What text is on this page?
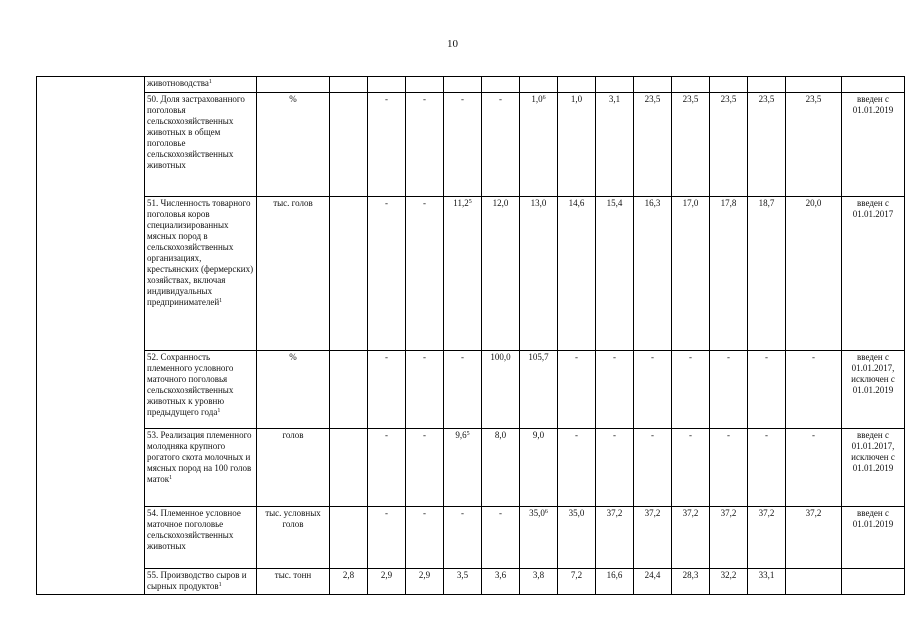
10
	животноводства$^1$															
	50. Доля застрахованного поголовья сельскохозяйственных животных в общем поголовье сельскохозяйственных животных	%		-	-	-	-	$1,0^6$	1,0	3,1	23,5	23,5	23,5	23,5	23,5	введен с 01.01.2019
	51. Численность товарного поголовья коров специализированных мясных пород в сельскохозяйственных организациях, крестьянских (фермерских) хозяйствах, включая индивидуальных предпринимателей$^1$	тыс. голов		-	-	11,2$^5$	12,0	13,0	14,6	15,4	16,3	17,0	17,8	18,7	20,0	введен с 01.01.2017
	52. Сохранность племенного условного маточного поголовья сельскохозяйственных животных к уровню предыдущего года$^1$	%		-	-	-	100,0	105,7	-	-	-	-	-	-	-	введен с 01.01.2017, исключен с 01.01.2019
	53. Реализация племенного молодняка крупного рогатого скота молочных и мясных пород на 100 голов маток$^1$	голов		-	-	$9,6^5$	8,0	9,0	-	-	-	-	-	-	-	введен с 01.01.2017, исключен с 01.01.2019
	54. Племенное условное маточное поголовье сельскохозяйственных животных	тыс. условных голов		-	-	-	-	35,0$^6$	35,0	37,2	37,2	37,2	37,2	37,2	37,2	введен с 01.01.2019
	55. Производство сыров и сырных продуктов$^1$	тыс. тонн	2,8	2,9	2,9	3,5	3,6	3,8	7,2	16,6	24,4	28,3	32,2	33,1		
